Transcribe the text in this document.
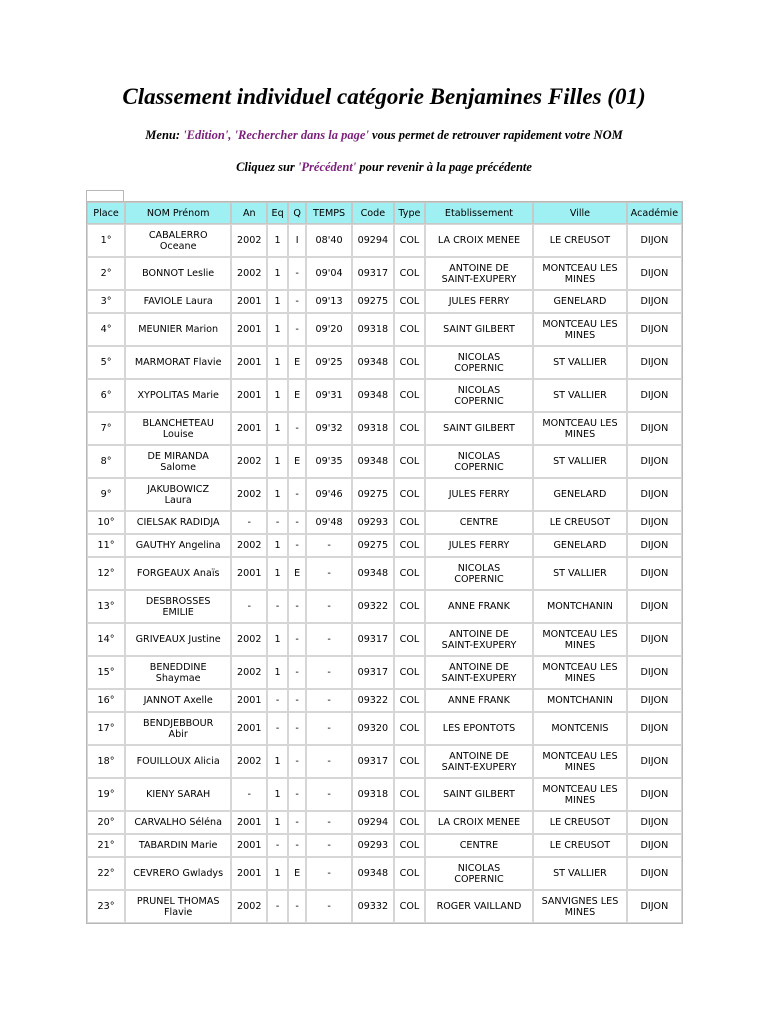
Classement individuel catégorie Benjamines Filles (01)

Menu: 'Edition', 'Rechercher dans la page' vous permet de retrouver rapidement votre NOM

Cliquez sur 'Précédent' pour revenir à la page précédente

Place	NOM Prénom	An	Eq	Q	TEMPS	Code	Type	Etablissement	Ville	Académie
1°	CABALERRO
Oceane	2002	1	I	08'40	09294	COL	LA CROIX MENEE	LE CREUSOT	DIJON
2°	BONNOT Leslie	2002	1	-	09'04	09317	COL	ANTOINE DE
SAINT-EXUPERY	MONTCEAU LES
MINES	DIJON
3°	FAVIOLE Laura	2001	1	-	09'13	09275	COL	JULES FERRY	GENELARD	DIJON
4°	MEUNIER Marion	2001	1	-	09'20	09318	COL	SAINT GILBERT	MONTCEAU LES
MINES	DIJON
5°	MARMORAT Flavie	2001	1	E	09'25	09348	COL	NICOLAS
COPERNIC	ST VALLIER	DIJON
6°	XYPOLITAS Marie	2001	1	E	09'31	09348	COL	NICOLAS
COPERNIC	ST VALLIER	DIJON
7°	BLANCHETEAU
Louise	2001	1	-	09'32	09318	COL	SAINT GILBERT	MONTCEAU LES
MINES	DIJON
8°	DE MIRANDA
Salome	2002	1	E	09'35	09348	COL	NICOLAS
COPERNIC	ST VALLIER	DIJON
9°	JAKUBOWICZ
Laura	2002	1	-	09'46	09275	COL	JULES FERRY	GENELARD	DIJON
10°	CIELSAK RADIDJA	-	-	-	09'48	09293	COL	CENTRE	LE CREUSOT	DIJON
11°	GAUTHY Angelina	2002	1	-	-	09275	COL	JULES FERRY	GENELARD	DIJON
12°	FORGEAUX Anaïs	2001	1	E	-	09348	COL	NICOLAS
COPERNIC	ST VALLIER	DIJON
13°	DESBROSSES
EMILIE	-	-	-	-	09322	COL	ANNE FRANK	MONTCHANIN	DIJON
14°	GRIVEAUX Justine	2002	1	-	-	09317	COL	ANTOINE DE
SAINT-EXUPERY	MONTCEAU LES
MINES	DIJON
15°	BENEDDINE
Shaymae	2002	1	-	-	09317	COL	ANTOINE DE
SAINT-EXUPERY	MONTCEAU LES
MINES	DIJON
16°	JANNOT Axelle	2001	-	-	-	09322	COL	ANNE FRANK	MONTCHANIN	DIJON
17°	BENDJEBBOUR
Abir	2001	-	-	-	09320	COL	LES EPONTOTS	MONTCENIS	DIJON
18°	FOUILLOUX Alicia	2002	1	-	-	09317	COL	ANTOINE DE
SAINT-EXUPERY	MONTCEAU LES
MINES	DIJON
19°	KIENY SARAH	-	1	-	-	09318	COL	SAINT GILBERT	MONTCEAU LES
MINES	DIJON
20°	CARVALHO Séléna	2001	1	-	-	09294	COL	LA CROIX MENEE	LE CREUSOT	DIJON
21°	TABARDIN Marie	2001	-	-	-	09293	COL	CENTRE	LE CREUSOT	DIJON
22°	CEVRERO Gwladys	2001	1	E	-	09348	COL	NICOLAS
COPERNIC	ST VALLIER	DIJON
23°	PRUNEL THOMAS
Flavie	2002	-	-	-	09332	COL	ROGER VAILLAND	SANVIGNES LES
MINES	DIJON
